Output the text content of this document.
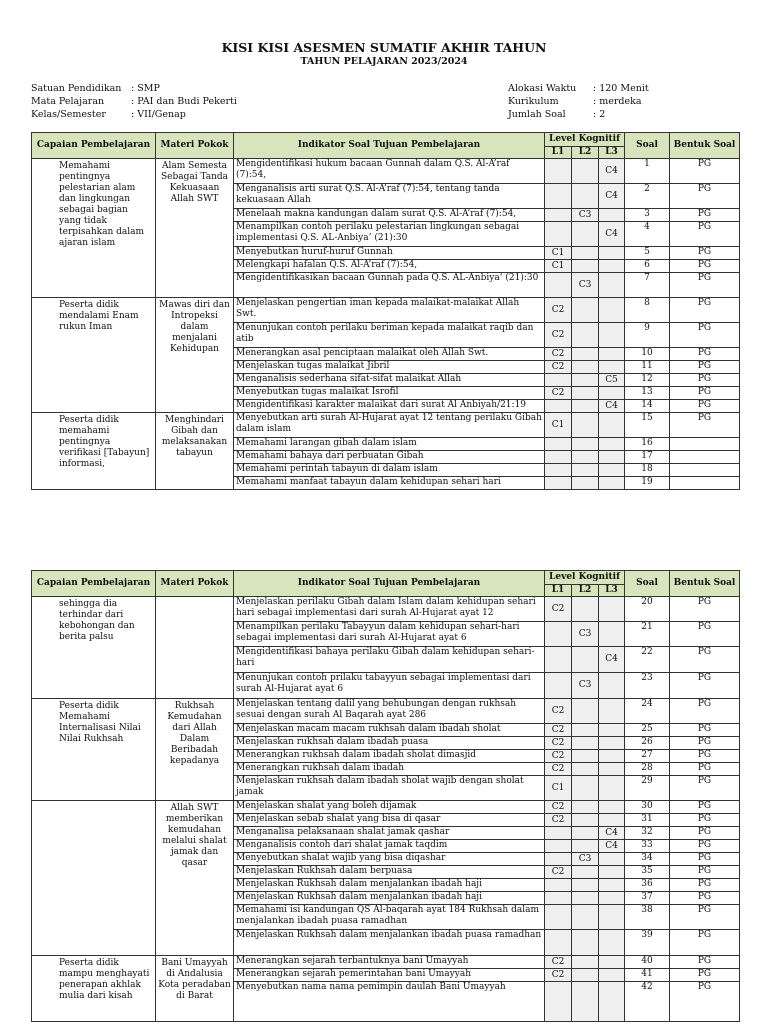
KISI KISI ASESMEN SUMATIF AKHIR TAHUN
TAHUN PELAJARAN 2023/2024
Satuan Pendidikan : SMP
Mata Pelajaran	: PAI dan Budi Pekerti
Kelas/Semester	: VII/Genap
Alokasi Waktu : 120 Menit
Kurikulum	: merdeka
Jumlah Soal	: 2
Capaian Pembelajaran	Materi Pokok	Indikator Soal Tujuan Pembelajaran	Level Kognitif			Soal	Bentuk Soal
			L1	L2	L3		
Memahami pentingnya pelestarian alam dan lingkungan sebagai bagian yang tidak terpisahkan dalam ajaran islam	Alam Semesta Sebagai Tanda Kekuasaan Allah SWT	Mengidentifikasi hukum bacaan Gunnah dalam Q.S. Al-A’raf (7):54,			C4	1	PG
		Menganalisis arti surat Q.S. Al-A’raf (7):54, tentang tanda kekuasaan Allah			C4	2	PG
		Menelaah makna kandungan dalam surat Q.S. Al-A’raf (7):54,		C3		3	PG
		Menampilkan contoh perilaku pelestarian lingkungan sebagai implementasi Q.S. AL-Anbiya’ (21):30			C4	4	PG
		Menyebutkan huruf-huruf Gunnah	C1			5	PG
		Melengkapi hafalan Q.S. Al-A’raf (7):54,	C1			6	PG
		Mengidentifikasikan bacaan Gunnah pada Q.S. AL-Anbiya’ (21):30		C3		7	PG
Peserta didik mendalami Enam rukun Iman	Mawas diri dan Intropeksi dalam menjalani Kehidupan	Menjelaskan pengertian iman kepada malaikat-malaikat Allah Swt.	C2			8	PG
		Menunjukan contoh perilaku beriman kepada malaikat raqib dan atib	C2			9	PG
		Menerangkan asal penciptaan malaikat oleh Allah Swt.	C2			10	PG
		Menjelaskan tugas malaikat Jibril	C2			11	PG
		Menganalisis sederhana sifat-sifat malaikat Allah			C5	12	PG
		Menyebutkan tugas malaikat Isrofil	C2			13	PG
		Mengidentifikasi karakter malaikat dari surat Al Anbiyah/21:19			C4	14	PG
Peserta didik memahami pentingnya verifikasi [Tabayun] informasi,	Menghindari Gibah dan melaksanakan tabayun	Menyebutkan arti surah Al-Hujarat ayat 12 tentang perilaku Gibah dalam islam	C1			15	PG
		Memahami larangan gibah dalam islam				16	
		Memahami bahaya dari perbuatan Gibah				17	
		Memahami perintah tabayun di dalam islam				18	
		Memahami manfaat tabayun dalam kehidupan sehari hari				19	
Capaian Pembelajaran	Materi Pokok	Indikator Soal Tujuan Pembelajaran	Level Kognitif			Soal	Bentuk Soal
			L1	L2	L3		
sehingga dia terhindar dari kebohongan dan berita palsu		Menjelaskan perilaku Gibah dalam Islam dalam kehidupan sehari hari sebagai implementasi dari surah Al-Hujarat ayat 12	C2			20	PG
		Menampilkan perilaku Tabayyun dalam kehidupan sehari-hari sebagai implementasi dari surah Al-Hujarat ayat 6		C3		21	PG
		Mengidentifikasi bahaya perilaku Gibah dalam kehidupan sehari-hari			C4	22	PG
		Menunjukan contoh prilaku tabayyun sebagai implementasi dari surah Al-Hujarat ayat 6		C3		23	PG
Peserta didik Memahami Internalisasi Nilai Nilai Rukhsah	Rukhsah Kemudahan dari Allah Dalam Beribadah kepadanya	Menjelaskan tentang dalil yang behubungan dengan rukhsah sesuai dengan surah Al Baqarah ayat 286	C2			24	PG
		Menjelaskan macam macam rukhsah dalam ibadah sholat	C2			25	PG
		Menjelaskan rukhsah dalam ibadah puasa	C2			26	PG
		Menerangkan rukhsah dalam ibadah sholat dimasjid	C2			27	PG
		Menerangkan rukhsah dalam ibadah	C2			28	PG
		Menjelaskan rukhsah dalam ibadah sholat wajib dengan sholat jamak	C1			29	PG
	Allah SWT memberikan kemudahan melalui shalat jamak dan qasar	Menjelaskan shalat yang boleh dijamak	C2			30	PG
		Menjelaskan sebab shalat yang bisa di qasar	C2			31	PG
		Menganalisa pelaksanaan shalat jamak qashar			C4	32	PG
		Menganalisis contoh dari shalat jamak taqdim			C4	33	PG
		Menyebutkan shalat wajib yang bisa diqashar		C3		34	PG
		Menjelaskan Rukhsah dalam berpuasa	C2			35	PG
		Menjelaskan Rukhsah dalam menjalankan ibadah haji				36	PG
		Menjelaskan Rukhsah dalam menjalankan ibadah haji				37	PG
		Memahami isi kandungan QS Al-baqarah ayat 184 Rukhsah dalam menjalankan ibadah puasa ramadhan				38	PG
		Menjelaskan Rukhsah dalam menjalankan ibadah puasa ramadhan				39	PG
Peserta didik mampu menghayati penerapan akhlak mulia dari kisah	Bani Umayyah di Andalusia Kota peradaban di Barat	Menerangkan sejarah terbantuknya bani Umayyah	C2			40	PG
		Menerangkan sejarah pemerintahan bani Umayyah	C2			41	PG
		Menyebutkan nama nama pemimpin daulah Bani Umayyah				42	PG
